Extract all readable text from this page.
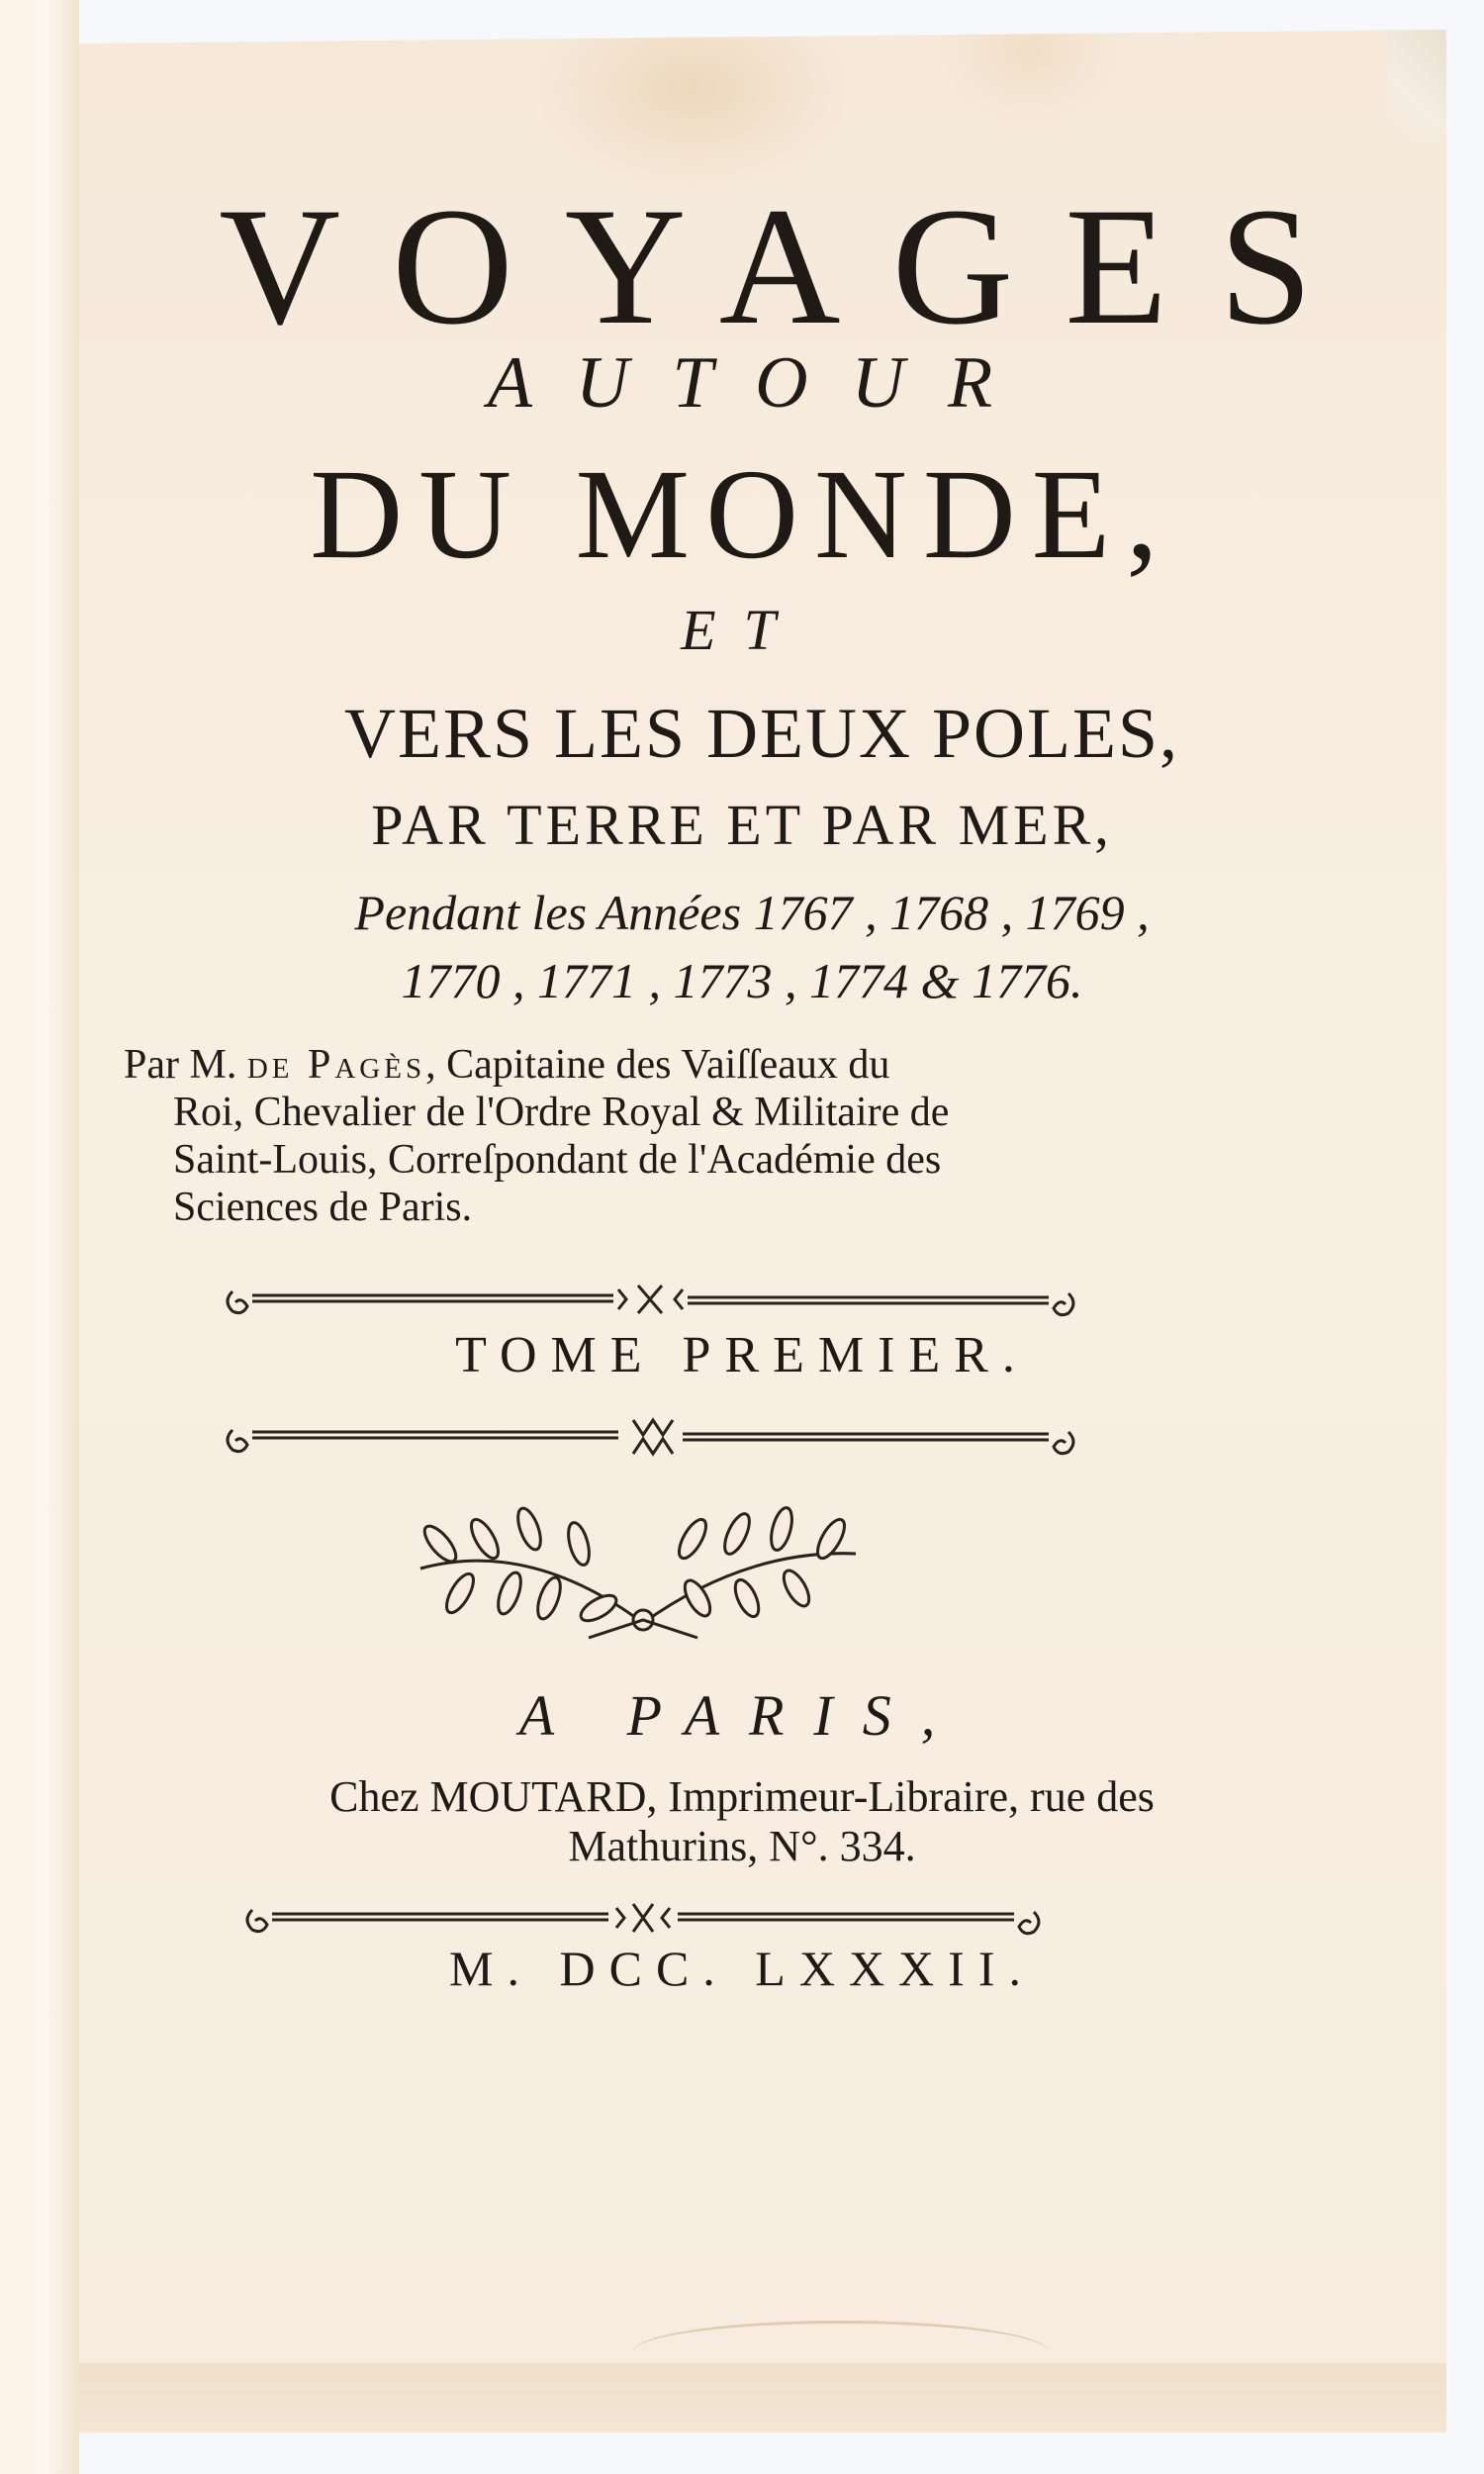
VOYAGES
AUTOUR
DU MONDE,
ET
VERS LES DEUX POLES,
PAR TERRE ET PAR MER,
Pendant les Années 1767 , 1768 , 1769 ,
1770 , 1771 , 1773 , 1774 & 1776.
Par M. de Pagès, Capitaine des Vaiſſeaux du
Roi, Chevalier de l'Ordre Royal & Militaire de
Saint-Louis, Correſpondant de l'Académie des
Sciences de Paris.
TOME PREMIER.
A PARIS,
Chez MOUTARD, Imprimeur-Libraire, rue des
Mathurins, N°. 334.
M. DCC. LXXXII.
